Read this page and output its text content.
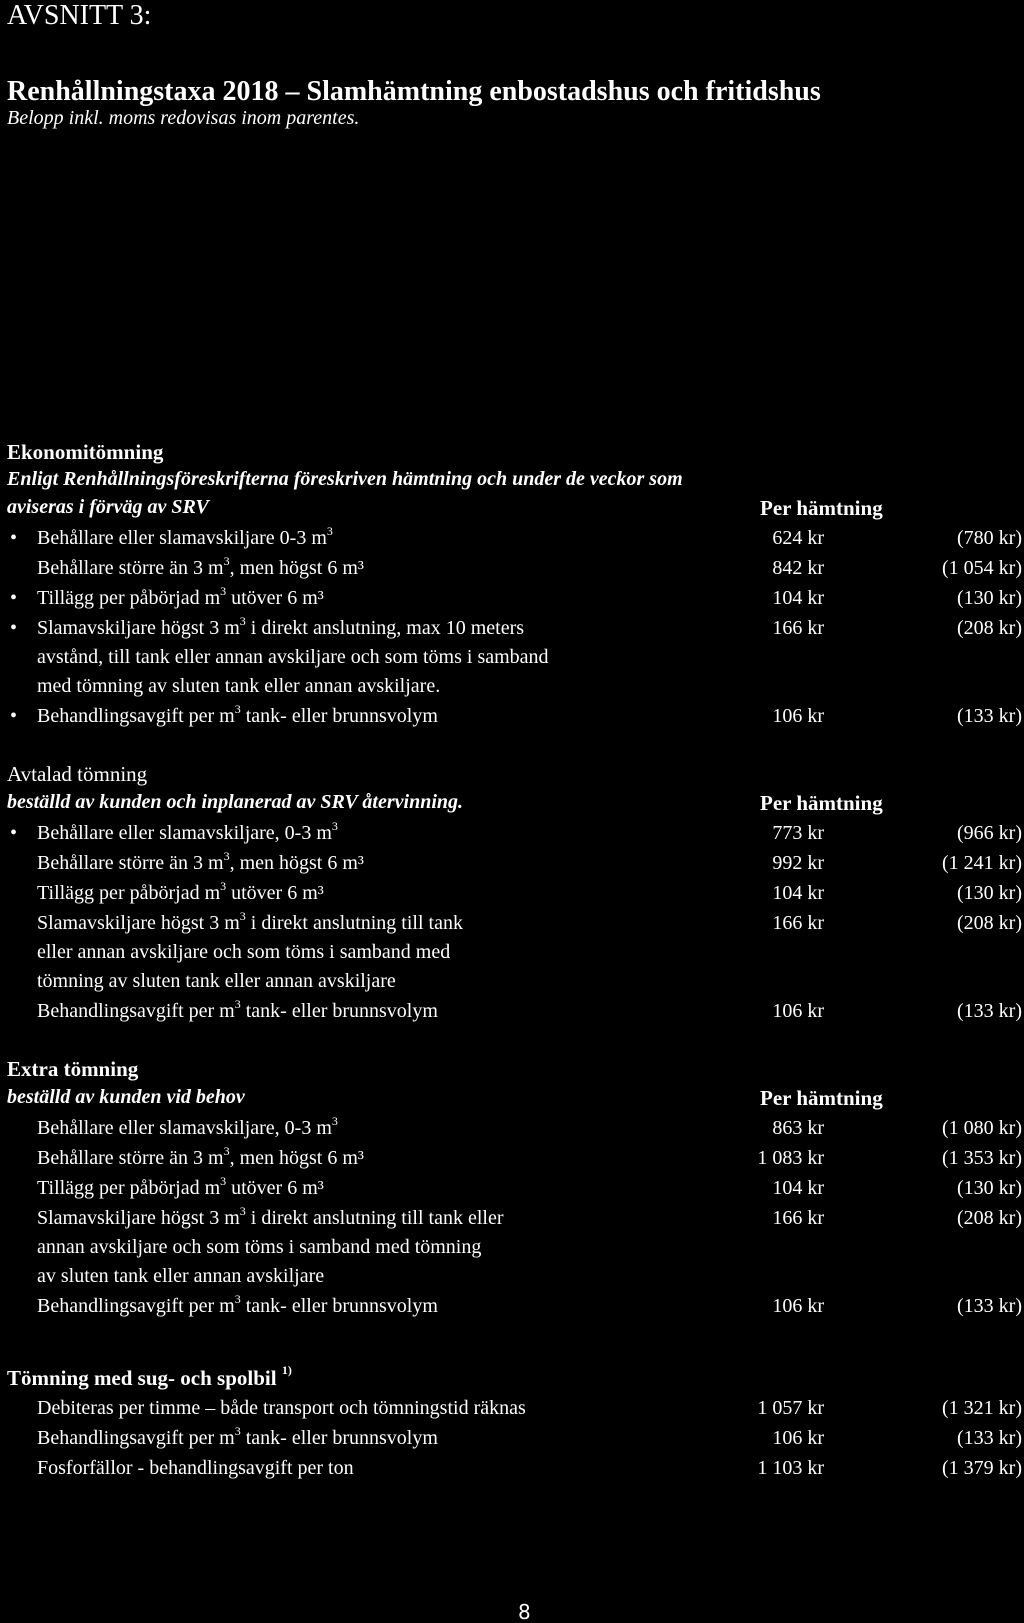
AVSNITT 3:
Renhållningstaxa 2018 – Slamhämtning enbostadshus och fritidshus
Belopp inkl. moms redovisas inom parentes.
Ekonomitömning
Enligt Renhållningsföreskrifterna föreskriven hämtning och under de veckor som
aviseras i förväg av SRV	Per hämtning
• Behållare eller slamavskiljare 0-3 $m^3$	624 kr	(780 kr)
Behållare större än 3 $m^3$, men högst 6 m³	842 kr	(1 054 kr)
• Tillägg per påbörjad $m^3$ utöver 6 m³	104 kr	(130 kr)
• Slamavskiljare högst 3 $m^3$ i direkt anslutning, max 10 meters	166 kr	(208 kr)
avstånd, till tank eller annan avskiljare och som töms i samband
med tömning av sluten tank eller annan avskiljare.
• Behandlingsavgift per $m^3$ tank- eller brunnsvolym	106 kr	(133 kr)
Avtalad tömning
beställd av kunden och inplanerad av SRV återvinning.	Per hämtning
• Behållare eller slamavskiljare, 0-3 $m^3$	773 kr	(966 kr)
Behållare större än 3 $m^3$, men högst 6 m³	992 kr	(1 241 kr)
Tillägg per påbörjad $m^3$ utöver 6 m³	104 kr	(130 kr)
Slamavskiljare högst 3 $m^3$ i direkt anslutning till tank	166 kr	(208 kr)
eller annan avskiljare och som töms i samband med
tömning av sluten tank eller annan avskiljare
Behandlingsavgift per $m^3$ tank- eller brunnsvolym	106 kr	(133 kr)
Extra tömning
beställd av kunden vid behov	Per hämtning
Behållare eller slamavskiljare, 0-3 $m^3$	863 kr	(1 080 kr)
Behållare större än 3 $m^3$, men högst 6 m³	1 083 kr	(1 353 kr)
Tillägg per påbörjad $m^3$ utöver 6 m³	104 kr	(130 kr)
Slamavskiljare högst 3 $m^3$ i direkt anslutning till tank eller	166 kr	(208 kr)
annan avskiljare och som töms i samband med tömning
av sluten tank eller annan avskiljare
Behandlingsavgift per $m^3$ tank- eller brunnsvolym	106 kr	(133 kr)
Tömning med sug- och spolbil $^{1)}$
Debiteras per timme – både transport och tömningstid räknas	1 057 kr	(1 321 kr)
Behandlingsavgift per $m^3$ tank- eller brunnsvolym	106 kr	(133 kr)
Fosforfällor - behandlingsavgift per ton	1 103 kr	(1 379 kr)
8
